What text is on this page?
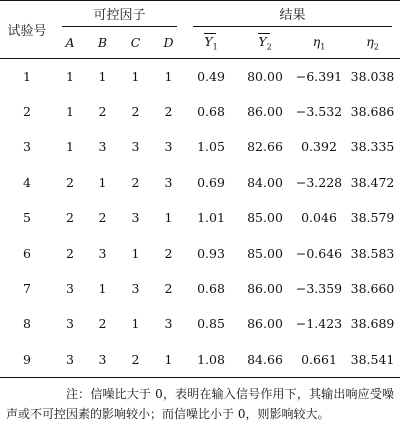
试验号	可控因子				结果			

	A	B	C	D	$Y_1$	$Y_2$	$\eta_1$	$\eta_2$
1	1	1	1	1	0.49	80.00	−6.391	38.038
2	1	2	2	2	0.68	86.00	−3.532	38.686
3	1	3	3	3	1.05	82.66	0.392	38.335
4	2	1	2	3	0.69	84.00	−3.228	38.472
5	2	2	3	1	1.01	85.00	0.046	38.579
6	2	3	1	2	0.93	85.00	−0.646	38.583
7	3	1	3	2	0.68	86.00	−3.359	38.660
8	3	2	1	3	0.85	86.00	−1.423	38.689
9	3	3	2	1	1.08	84.66	0.661	38.541
注：信噪比大于 0，表明在输入信号作用下，其输出响应受噪声或不可控因素的影响较小；而信噪比小于 0，则影响较大。
